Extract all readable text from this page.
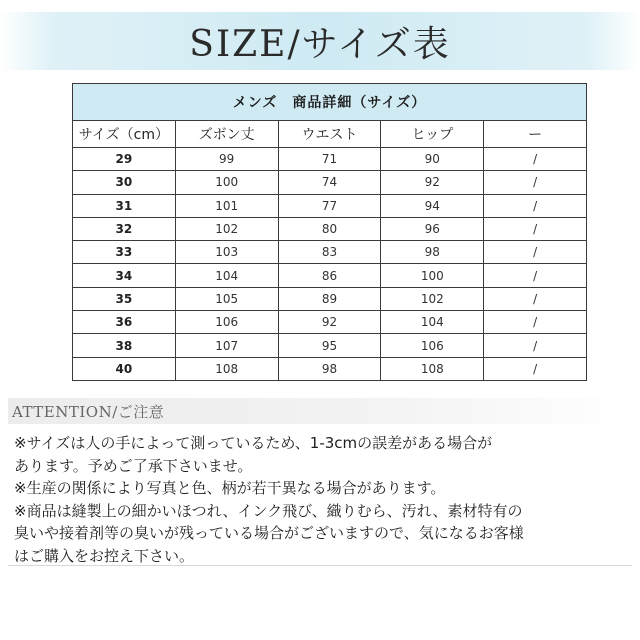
SIZE/サイズ表
メンズ　商品詳細（サイズ）				
サイズ（cm）	ズボン丈	ウエスト	ヒップ	ー
29	99	71	90	/
30	100	74	92	/
31	101	77	94	/
32	102	80	96	/
33	103	83	98	/
34	104	86	100	/
35	105	89	102	/
36	106	92	104	/
38	107	95	106	/
40	108	98	108	/
ATTENTION/ご注意

※サイズは人の手によって測っているため、1-3cmの誤差がある場合が

あります。予めご了承下さいませ。

※生産の関係により写真と色、柄が若干異なる場合があります。

※商品は縫製上の細かいほつれ、インク飛び、織りむら、汚れ、素材特有の

臭いや接着剤等の臭いが残っている場合がございますので、気になるお客様

はご購入をお控え下さい。
